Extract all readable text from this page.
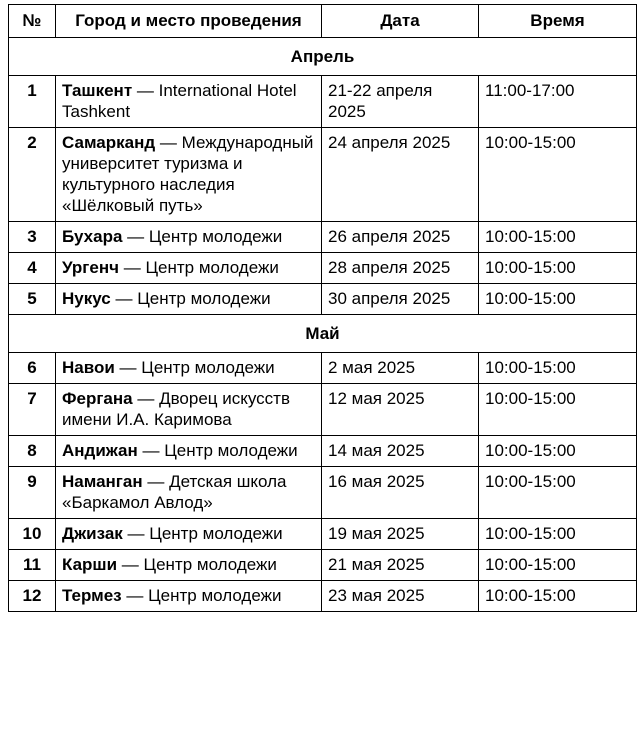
№	Город и место проведения	Дата	Время
Апрель			
1	Ташкент — International Hotel Tashkent	21-22 апреля 2025	11:00-17:00
2	Самарканд — Международный университет туризма и культурного наследия «Шёлковый путь»	24 апреля 2025	10:00-15:00
3	Бухара — Центр молодежи	26 апреля 2025	10:00-15:00
4	Ургенч — Центр молодежи	28 апреля 2025	10:00-15:00
5	Нукус — Центр молодежи	30 апреля 2025	10:00-15:00
Май			
6	Навои — Центр молодежи	2 мая 2025	10:00-15:00
7	Фергана — Дворец искусств имени И.А. Каримова	12 мая 2025	10:00-15:00
8	Андижан — Центр молодежи	14 мая 2025	10:00-15:00
9	Наманган — Детская школа «Баркамол Авлод»	16 мая 2025	10:00-15:00
10	Джизак — Центр молодежи	19 мая 2025	10:00-15:00
11	Карши — Центр молодежи	21 мая 2025	10:00-15:00
12	Термез — Центр молодежи	23 мая 2025	10:00-15:00
